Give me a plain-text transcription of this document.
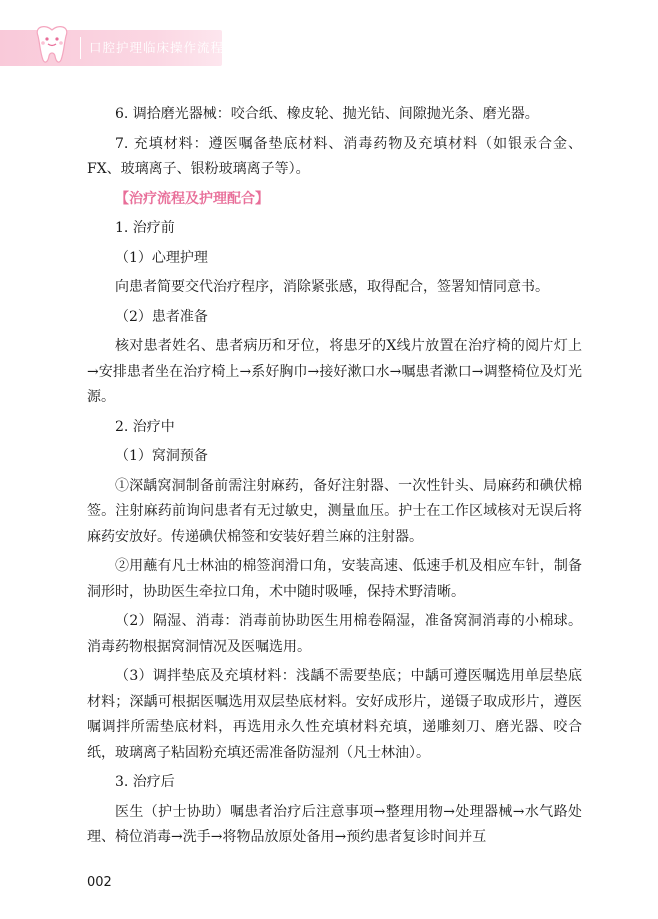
口腔护理临床操作流程

6. 调拾磨光器械：咬合纸、橡皮轮、抛光钻、间隙抛光条、磨光器。

7. 充填材料：遵医嘱备垫底材料、消毒药物及充填材料（如银汞合金、FX、玻璃离子、银粉玻璃离子等）。

【治疗流程及护理配合】

1. 治疗前

（1）心理护理

向患者简要交代治疗程序，消除紧张感，取得配合，签署知情同意书。

（2）患者准备

核对患者姓名、患者病历和牙位，将患牙的X线片放置在治疗椅的阅片灯上→安排患者坐在治疗椅上→系好胸巾→接好漱口水→嘱患者漱口→调整椅位及灯光源。

2. 治疗中

（1）窝洞预备

①深龋窝洞制备前需注射麻药，备好注射器、一次性针头、局麻药和碘伏棉签。注射麻药前询问患者有无过敏史，测量血压。护士在工作区域核对无误后将麻药安放好。传递碘伏棉签和安装好碧兰麻的注射器。

②用蘸有凡士林油的棉签润滑口角，安装高速、低速手机及相应车针，制备洞形时，协助医生牵拉口角，术中随时吸唾，保持术野清晰。

（2）隔湿、消毒：消毒前协助医生用棉卷隔湿，准备窝洞消毒的小棉球。消毒药物根据窝洞情况及医嘱选用。

（3）调拌垫底及充填材料：浅龋不需要垫底；中龋可遵医嘱选用单层垫底材料；深龋可根据医嘱选用双层垫底材料。安好成形片，递镊子取成形片，遵医嘱调拌所需垫底材料，再选用永久性充填材料充填，递雕刻刀、磨光器、咬合纸，玻璃离子粘固粉充填还需准备防湿剂（凡士林油）。

3. 治疗后

医生（护士协助）嘱患者治疗后注意事项→整理用物→处理器械→水气路处理、椅位消毒→洗手→将物品放原处备用→预约患者复诊时间并互

002
